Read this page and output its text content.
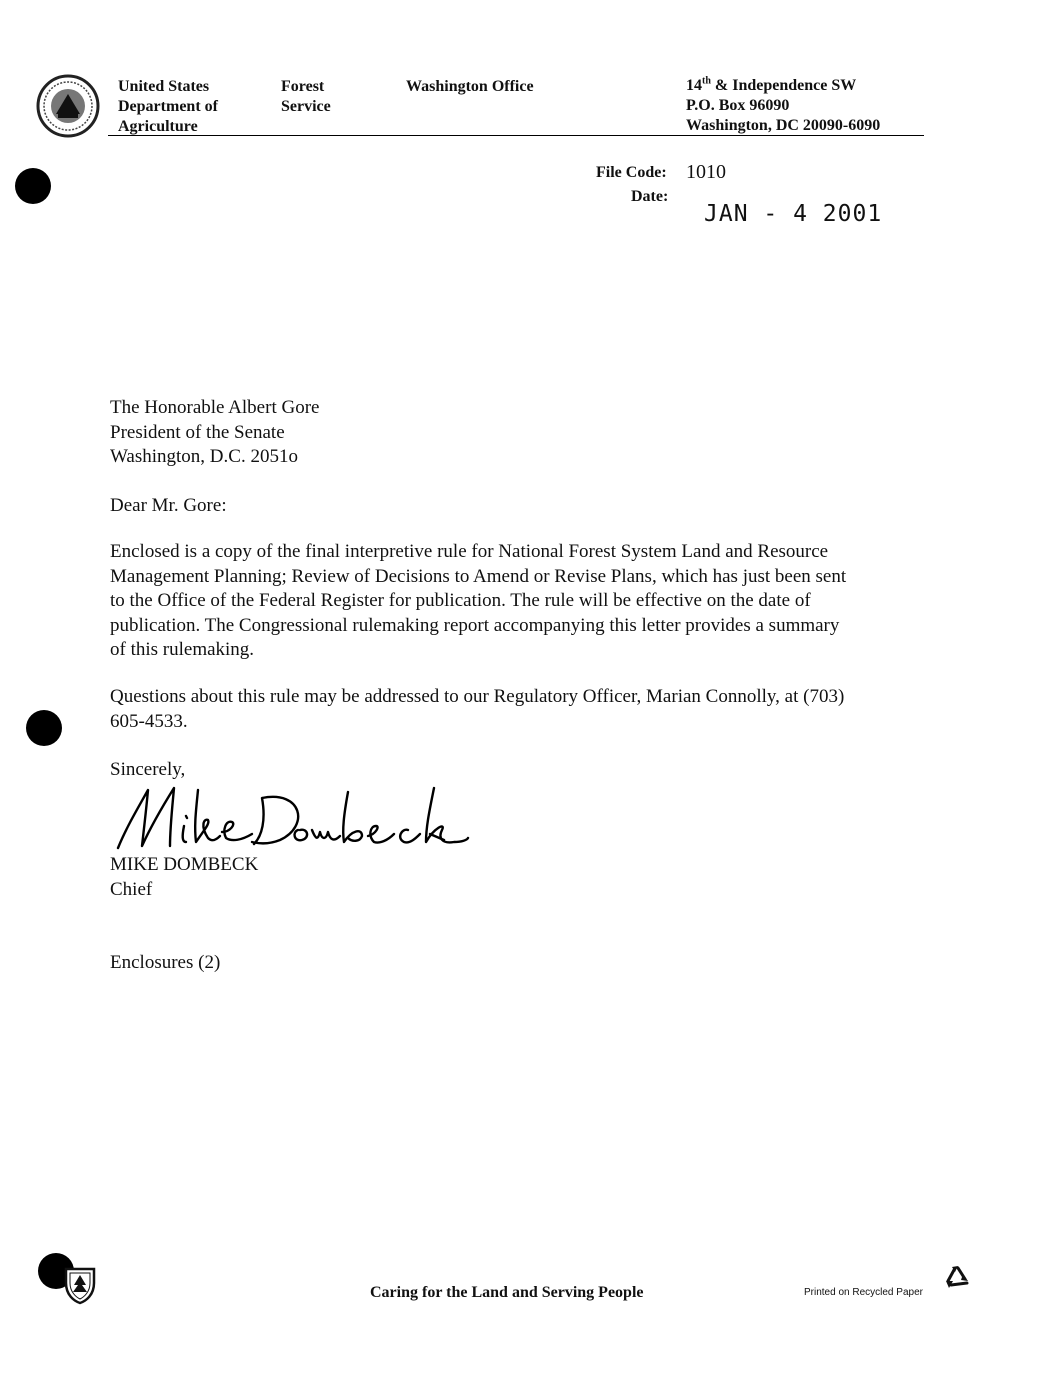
United States
Department of
Agriculture
Forest
Service
Washington Office	14th & Independence SW
P.O. Box 96090
Washington, DC 20090-6090
File Code: 1010
Date:
JAN - 4 2001
The Honorable Albert Gore
President of the Senate
Washington, D.C. 2051o
Dear Mr. Gore:
Enclosed is a copy of the final interpretive rule for National Forest System Land and Resource
Management Planning; Review of Decisions to Amend or Revise Plans, which has just been sent
to the Office of the Federal Register for publication. The rule will be effective on the date of
publication. The Congressional rulemaking report accompanying this letter provides a summary
of this rulemaking.
Questions about this rule may be addressed to our Regulatory Officer, Marian Connolly, at (703)
605-4533.
Sincerely,
MIKE DOMBECK
Chief
Enclosures (2)
Caring for the Land and Serving People	Printed on Recycled Paper
